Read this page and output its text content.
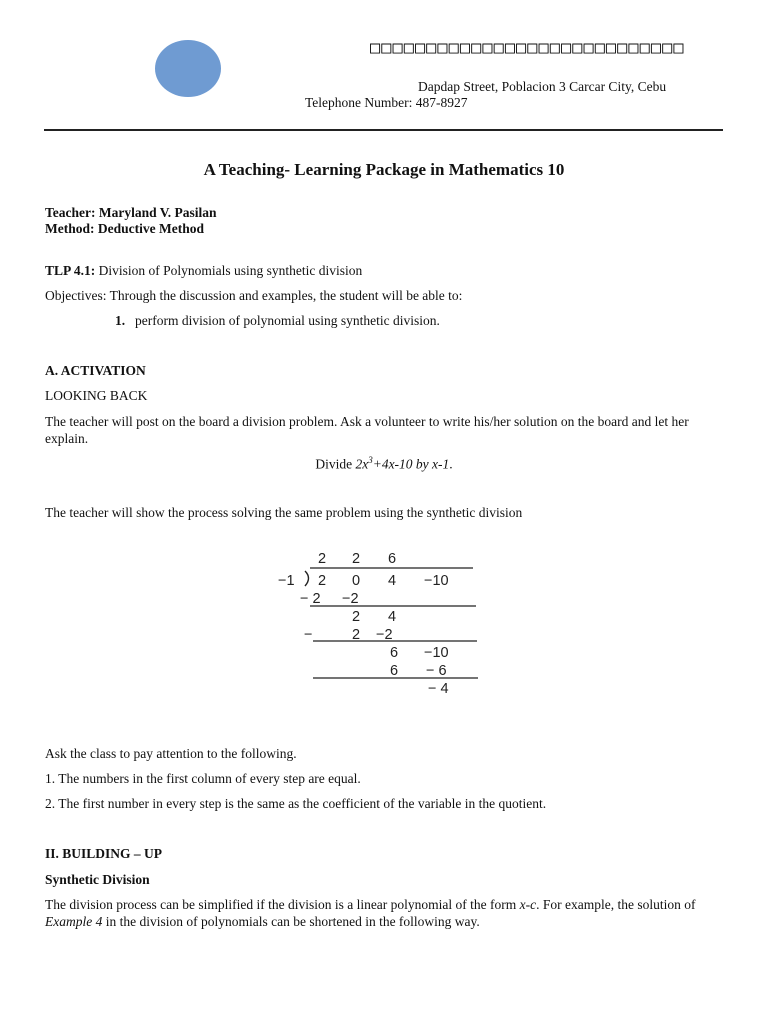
□□□□□□□□□□□□□□□□□□□□□□□□□□□□
Dapdap Street, Poblacion 3 Carcar City, Cebu
Telephone Number: 487-8927
A Teaching- Learning Package in Mathematics 10
Teacher: Maryland V. Pasilan
Method: Deductive Method
TLP 4.1: Division of Polynomials using synthetic division
Objectives: Through the discussion and examples, the student will be able to:
1. perform division of polynomial using synthetic division.
A. ACTIVATION
LOOKING BACK
The teacher will post on the board a division problem. Ask a volunteer to write his/her solution on the board and let her explain.
Divide $2x^3+4x-10$ by x-1.
The teacher will show the process solving the same problem using the synthetic division
2 2 6
−1 2 0 4 −10
− 2 −2
2 4
−	2 −2
6 −10
6 − 6
− 4
Ask the class to pay attention to the following.
1. The numbers in the first column of every step are equal.
2. The first number in every step is the same as the coefficient of the variable in the quotient.
II. BUILDING – UP
Synthetic Division
The division process can be simplified if the division is a linear polynomial of the form x-c. For example, the solution of Example 4 in the division of polynomials can be shortened in the following way.
